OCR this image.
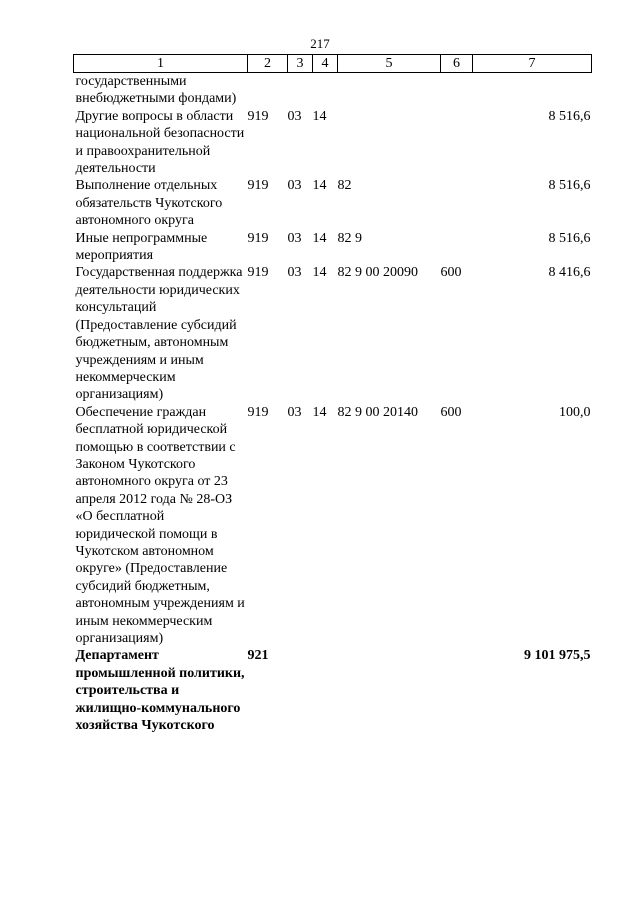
217
1	2	3	4	5	6	7
государственными внебюджетными фондами)						
Другие вопросы в области национальной безопасности и правоохранительной деятельности	919	03	14			8 516,6
Выполнение отдельных обязательств Чукотского автономного округа	919	03	14	82		8 516,6
Иные непрограммные мероприятия	919	03	14	82 9		8 516,6
Государственная поддержка деятельности юридических консультаций (Предоставление субсидий бюджетным, автономным учреждениям и иным некоммерческим организациям)	919	03	14	82 9 00 20090	600	8 416,6
Обеспечение граждан бесплатной юридической помощью в соответствии с Законом Чукотского автономного округа от 23 апреля 2012 года № 28-ОЗ «О бесплатной юридической помощи в Чукотском автономном округе» (Предоставление субсидий бюджетным, автономным учреждениям и иным некоммерческим организациям)	919	03	14	82 9 00 20140	600	100,0
Департамент промышленной политики, строительства и жилищно-коммунального хозяйства Чукотского	921					9 101 975,5
